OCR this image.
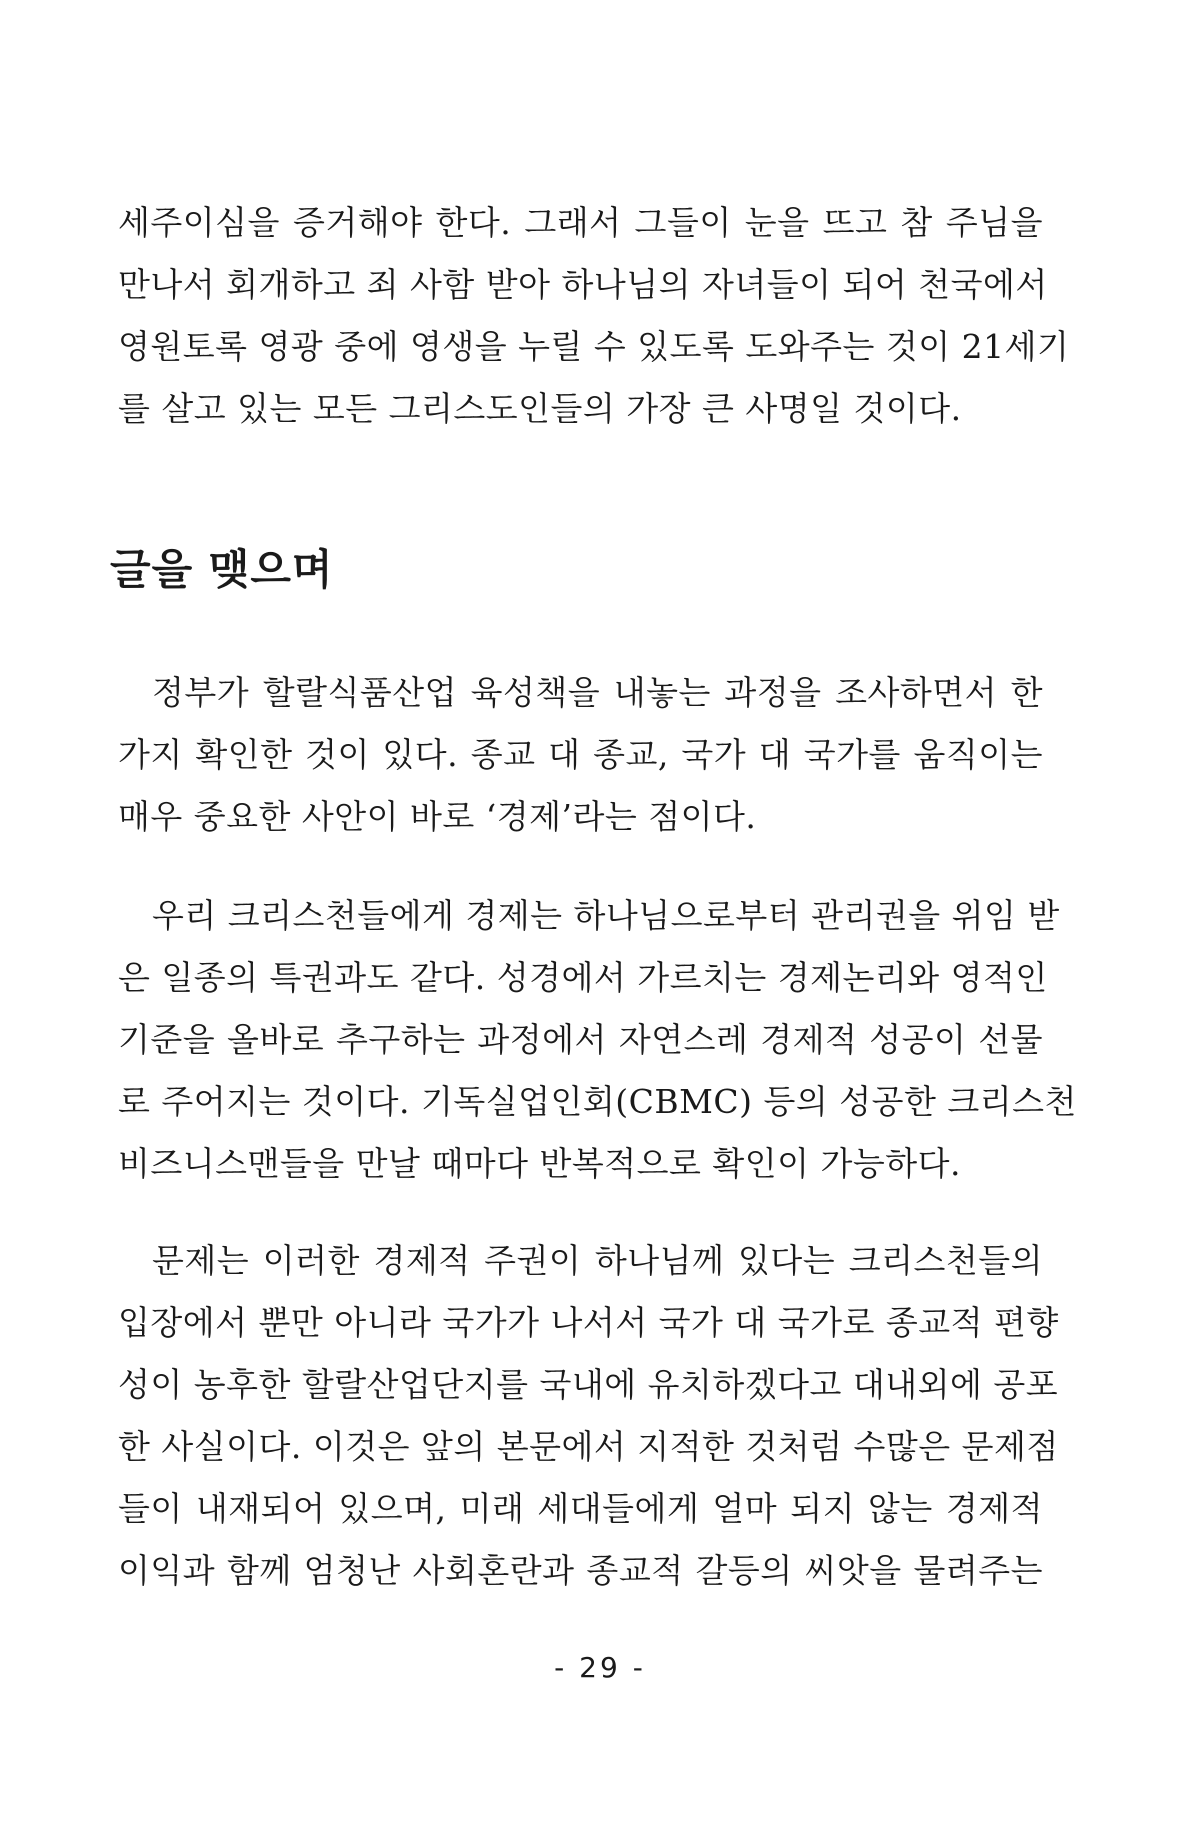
세주이심을 증거해야 한다. 그래서 그들이 눈을 뜨고 참 주님을
만나서 회개하고 죄 사함 받아 하나님의 자녀들이 되어 천국에서
영원토록 영광 중에 영생을 누릴 수 있도록 도와주는 것이 21세기
를 살고 있는 모든 그리스도인들의 가장 큰 사명일 것이다.
글을 맺으며
정부가 할랄식품산업 육성책을 내놓는 과정을 조사하면서 한
가지 확인한 것이 있다. 종교 대 종교, 국가 대 국가를 움직이는
매우 중요한 사안이 바로 ‘경제’라는 점이다.
우리 크리스천들에게 경제는 하나님으로부터 관리권을 위임 받
은 일종의 특권과도 같다. 성경에서 가르치는 경제논리와 영적인
기준을 올바로 추구하는 과정에서 자연스레 경제적 성공이 선물
로 주어지는 것이다. 기독실업인회(CBMC) 등의 성공한 크리스천
비즈니스맨들을 만날 때마다 반복적으로 확인이 가능하다.
문제는 이러한 경제적 주권이 하나님께 있다는 크리스천들의
입장에서 뿐만 아니라 국가가 나서서 국가 대 국가로 종교적 편향
성이 농후한 할랄산업단지를 국내에 유치하겠다고 대내외에 공포
한 사실이다. 이것은 앞의 본문에서 지적한 것처럼 수많은 문제점
들이 내재되어 있으며, 미래 세대들에게 얼마 되지 않는 경제적
이익과 함께 엄청난 사회혼란과 종교적 갈등의 씨앗을 물려주는
- 29 -
